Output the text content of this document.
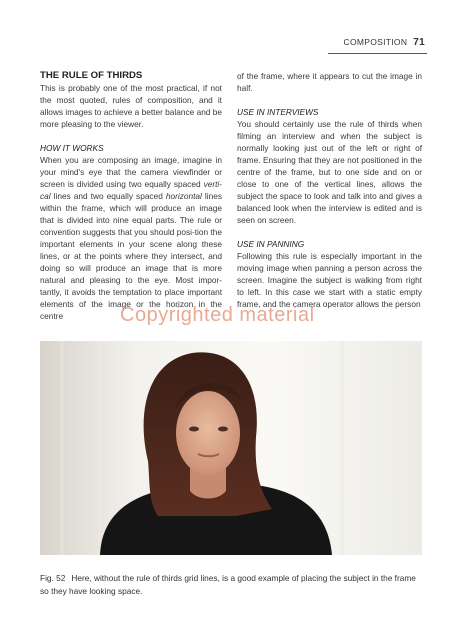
COMPOSITION 71
THE RULE OF THIRDS

This is probably one of the most practical, if not the most quoted, rules of composition, and it allows images to achieve a better balance and be more pleasing to the viewer.

HOW IT WORKS

When you are composing an image, imagine in your mind's eye that the camera viewfinder or screen is divided using two equally spaced verti-cal lines and two equally spaced horizontal lines within the frame, which will produce an image that is divided into nine equal parts. The rule or convention suggests that you should posi-tion the important elements in your scene along these lines, or at the points where they intersect, and doing so will produce an image that is more natural and pleasing to the eye. Most impor-tantly, it avoids the temptation to place important elements of the image or the horizon in the centre

of the frame, where it appears to cut the image in half.

USE IN INTERVIEWS

You should certainly use the rule of thirds when filming an interview and when the subject is normally looking just out of the left or right of frame. Ensuring that they are not positioned in the centre of the frame, but to one side and on or close to one of the vertical lines, allows the subject the space to look and talk into and gives a balanced look when the interview is edited and is seen on screen.

USE IN PANNING

Following this rule is especially important in the moving image when panning a person across the screen. Imagine the subject is walking from right to left. In this case we start with a static empty frame, and the camera operator allows the person

Copyrighted material
Fig. 52 Here, without the rule of thirds grid lines, is a good example of placing the subject in the frame so they have looking space.
